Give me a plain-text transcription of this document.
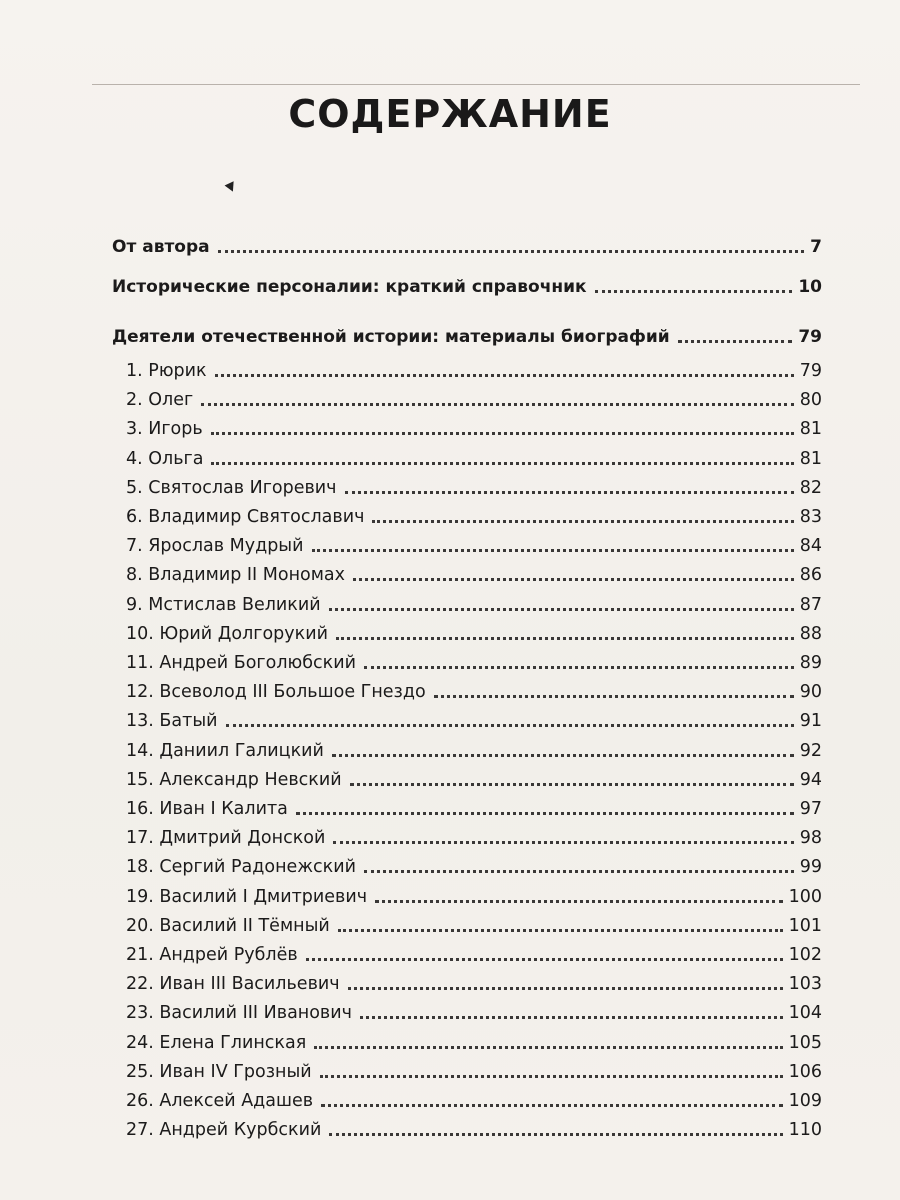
СОДЕРЖАНИЕ
От автора	7
Исторические персоналии: краткий справочник	10
Деятели отечественной истории: материалы биографий	79
1. Рюрик	79
2. Олег	80
3. Игорь	81
4. Ольга	81
5. Святослав Игоревич	82
6. Владимир Святославич	83
7. Ярослав Мудрый	84
8. Владимир II Мономах	86
9. Мстислав Великий	87
10. Юрий Долгорукий	88
11. Андрей Боголюбский	89
12. Всеволод III Большое Гнездо	90
13. Батый	91
14. Даниил Галицкий	92
15. Александр Невский	94
16. Иван I Калита	97
17. Дмитрий Донской	98
18. Сергий Радонежский	99
19. Василий I Дмитриевич	100
20. Василий II Тёмный	101
21. Андрей Рублёв	102
22. Иван III Васильевич	103
23. Василий III Иванович	104
24. Елена Глинская	105
25. Иван IV Грозный	106
26. Алексей Адашев	109
27. Андрей Курбский	110
